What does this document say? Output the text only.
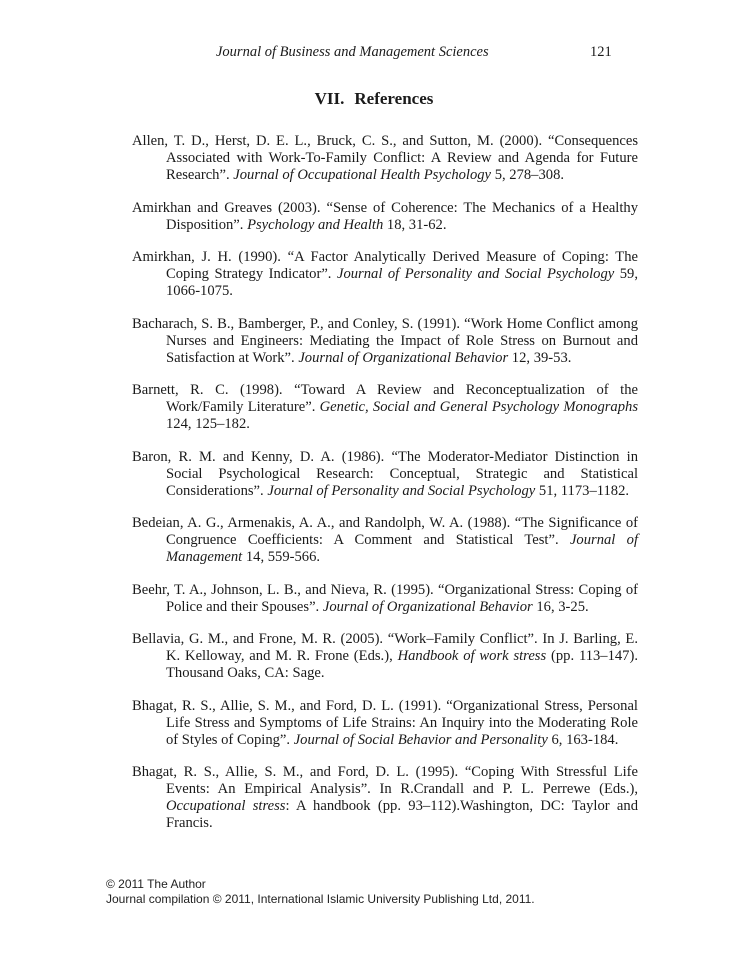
Journal of Business and Management Sciences	121
VII. References

Allen, T. D., Herst, D. E. L., Bruck, C. S., and Sutton, M. (2000). “Consequences Associated with Work-To-Family Conflict: A Review and Agenda for Future Research”. Journal of Occupational Health Psychology 5, 278–308.

Amirkhan and Greaves (2003). “Sense of Coherence: The Mechanics of a Healthy Disposition”. Psychology and Health 18, 31-62.

Amirkhan, J. H. (1990). “A Factor Analytically Derived Measure of Coping: The Coping Strategy Indicator”. Journal of Personality and Social Psychology 59, 1066-1075.

Bacharach, S. B., Bamberger, P., and Conley, S. (1991). “Work Home Conflict among Nurses and Engineers: Mediating the Impact of Role Stress on Burnout and Satisfaction at Work”. Journal of Organizational Behavior 12, 39-53.

Barnett, R. C. (1998). “Toward A Review and Reconceptualization of the Work/Family Literature”. Genetic, Social and General Psychology Monographs 124, 125–182.

Baron, R. M. and Kenny, D. A. (1986). “The Moderator-Mediator Distinction in Social Psychological Research: Conceptual, Strategic and Statistical Considerations”. Journal of Personality and Social Psychology 51, 1173–1182.

Bedeian, A. G., Armenakis, A. A., and Randolph, W. A. (1988). “The Significance of Congruence Coefficients: A Comment and Statistical Test”. Journal of Management 14, 559-566.

Beehr, T. A., Johnson, L. B., and Nieva, R. (1995). “Organizational Stress: Coping of Police and their Spouses”. Journal of Organizational Behavior 16, 3-25.

Bellavia, G. M., and Frone, M. R. (2005). “Work–Family Conflict”. In J. Barling, E. K. Kelloway, and M. R. Frone (Eds.), Handbook of work stress (pp. 113–147). Thousand Oaks, CA: Sage.

Bhagat, R. S., Allie, S. M., and Ford, D. L. (1991). “Organizational Stress, Personal Life Stress and Symptoms of Life Strains: An Inquiry into the Moderating Role of Styles of Coping”. Journal of Social Behavior and Personality 6, 163-184.

Bhagat, R. S., Allie, S. M., and Ford, D. L. (1995). “Coping With Stressful Life Events: An Empirical Analysis”. In R.Crandall and P. L. Perrewe (Eds.), Occupational stress: A handbook (pp. 93–112).Washington, DC: Taylor and Francis.

© 2011 The Author
Journal compilation © 2011, International Islamic University Publishing Ltd, 2011.
